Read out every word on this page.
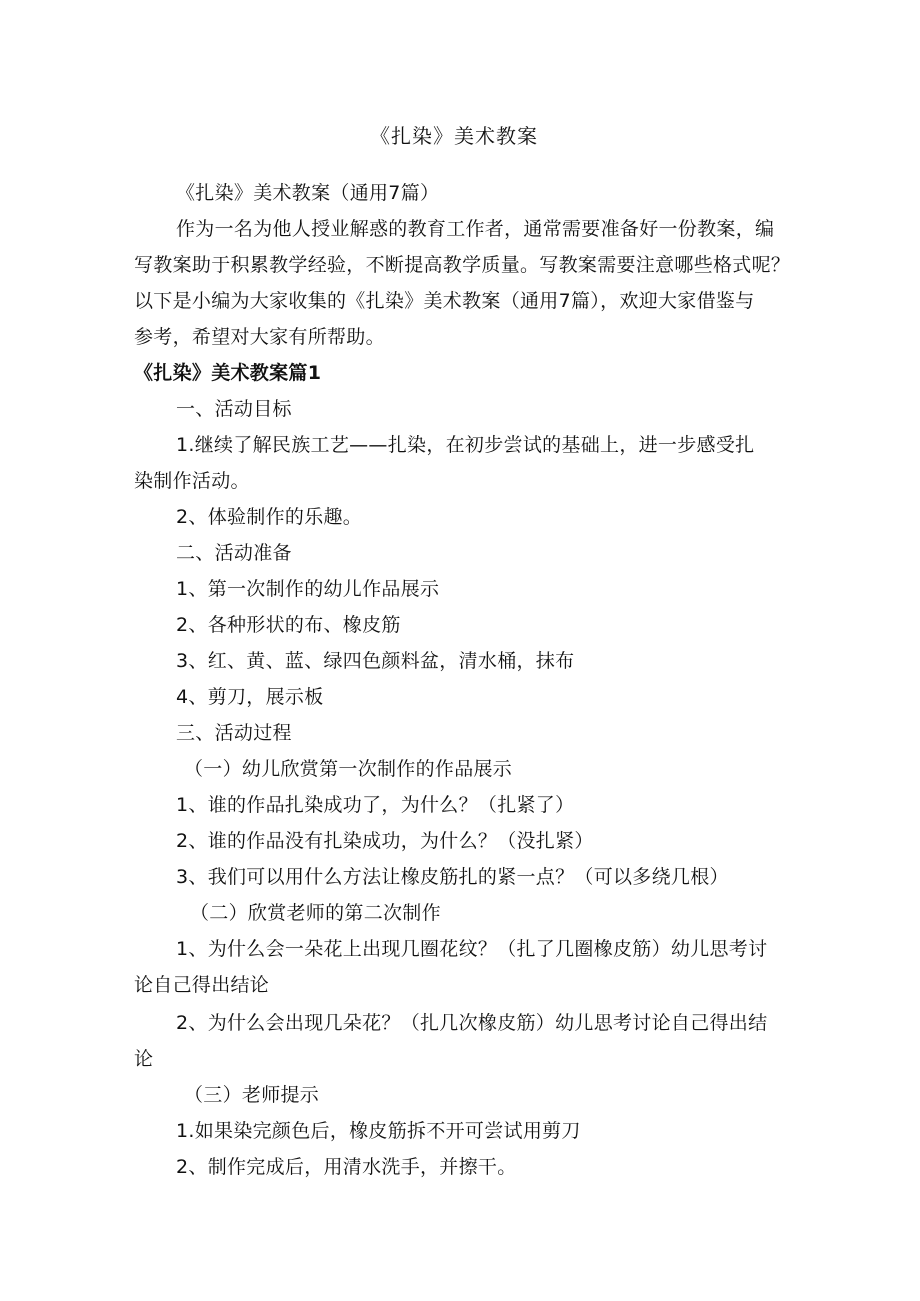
《扎染》美术教案
《扎染》美术教案（通用7篇）
作为一名为他人授业解惑的教育工作者，通常需要准备好一份教案，编
写教案助于积累教学经验，不断提高教学质量。写教案需要注意哪些格式呢？
以下是小编为大家收集的《扎染》美术教案（通用7篇），欢迎大家借鉴与
参考，希望对大家有所帮助。
《扎染》美术教案篇1
一、活动目标
1.继续了解民族工艺——扎染，在初步尝试的基础上，进一步感受扎
染制作活动。
2、体验制作的乐趣。
二、活动准备
1、第一次制作的幼儿作品展示
2、各种形状的布、橡皮筋
3、红、黄、蓝、绿四色颜料盆，清水桶，抹布
4、剪刀，展示板
三、活动过程
（一）幼儿欣赏第一次制作的作品展示
1、谁的作品扎染成功了，为什么？（扎紧了）
2、谁的作品没有扎染成功，为什么？（没扎紧）
3、我们可以用什么方法让橡皮筋扎的紧一点？（可以多绕几根）
（二）欣赏老师的第二次制作
1、为什么会一朵花上出现几圈花纹？（扎了几圈橡皮筋）幼儿思考讨
论自己得出结论
2、为什么会出现几朵花？（扎几次橡皮筋）幼儿思考讨论自己得出结
论
（三）老师提示
1.如果染完颜色后，橡皮筋拆不开可尝试用剪刀
2、制作完成后，用清水洗手，并擦干。
